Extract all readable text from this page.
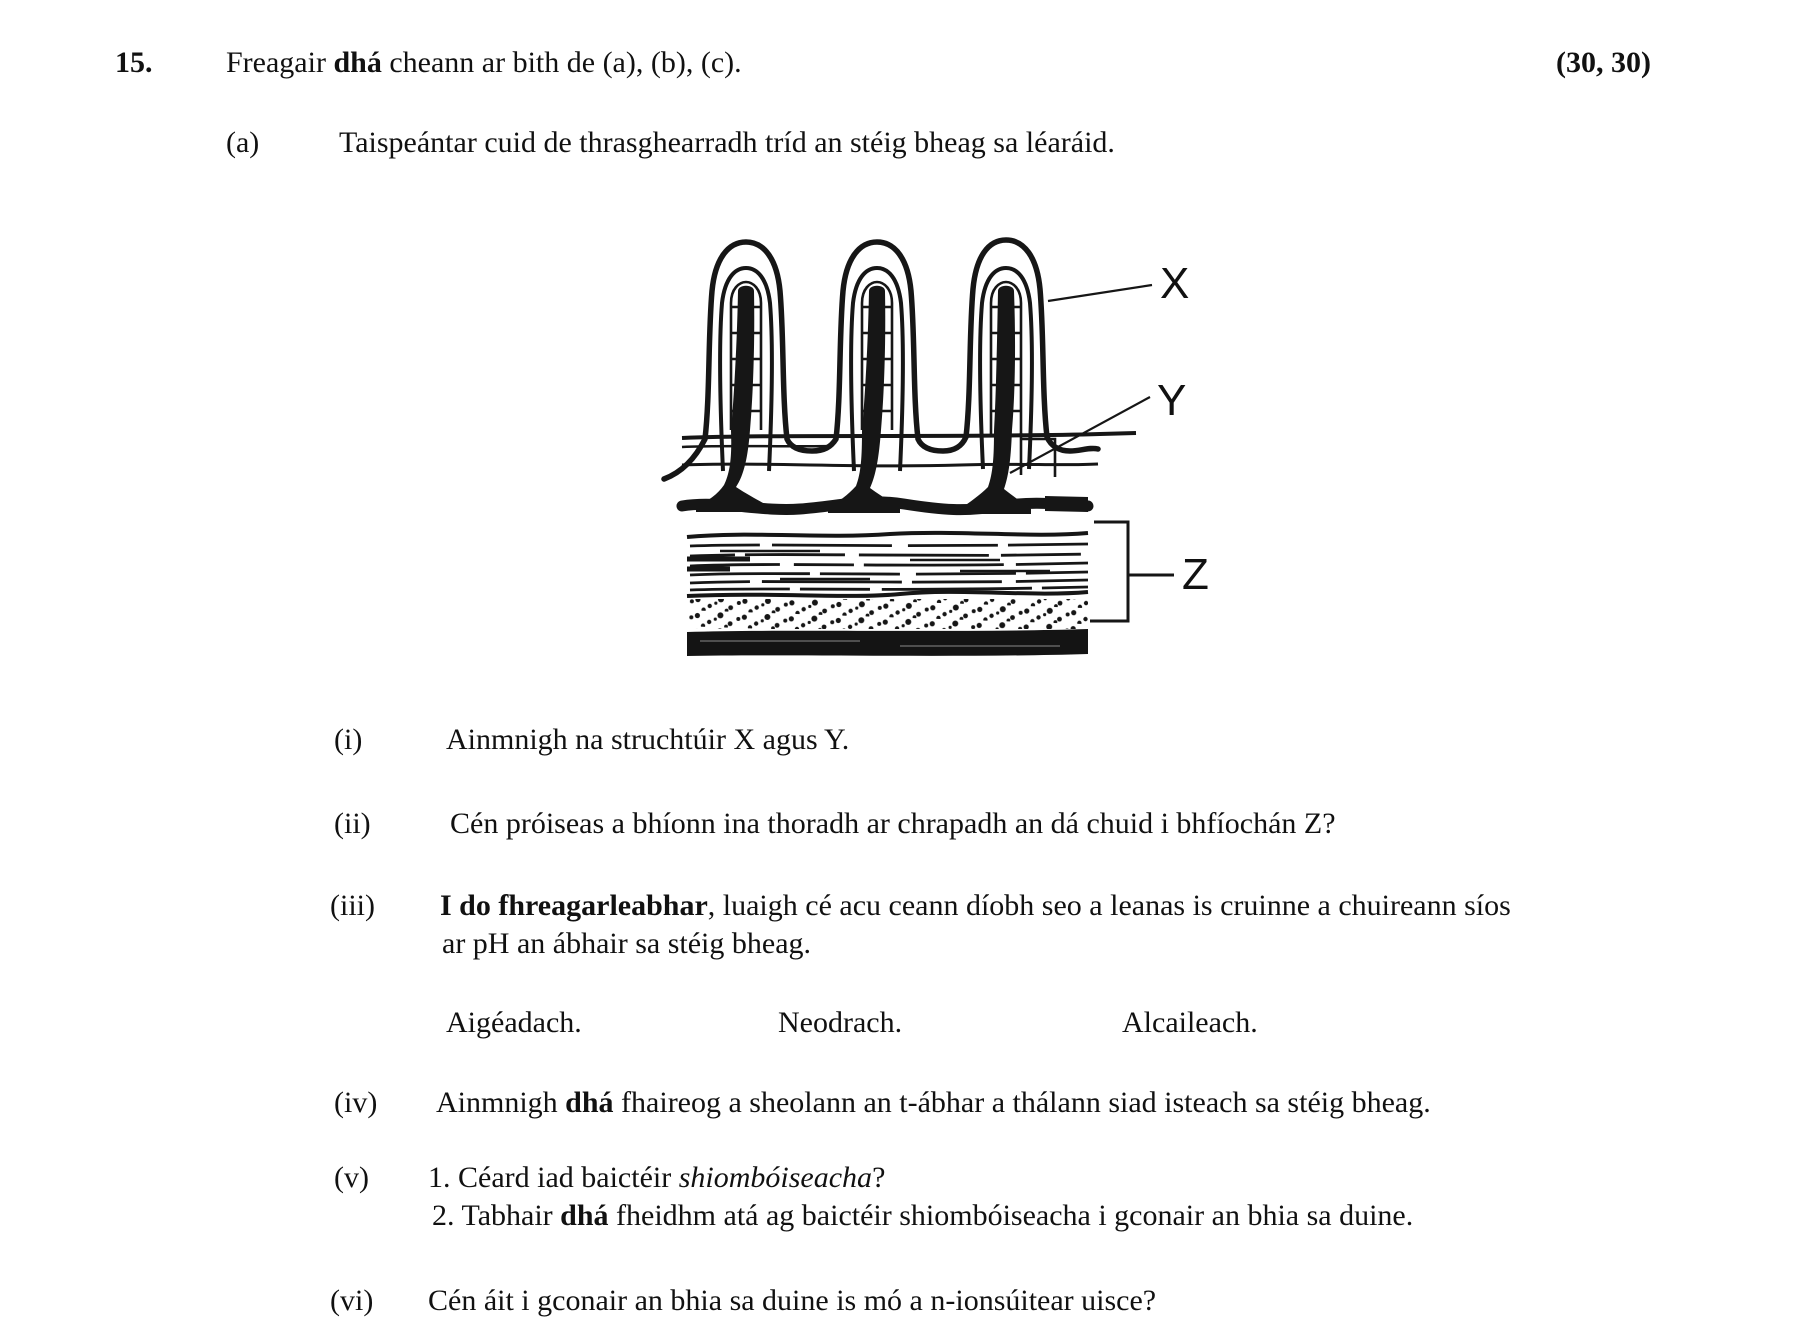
15. Freagair dhá cheann ar bith de (a), (b), (c).	(30, 30)
(a)	Taispeántar cuid de thrasghearradh tríd an stéig bheag sa léaráid.
X
Y
Z
(i)	Ainmnigh na struchtúir X agus Y.
(ii)	Cén próiseas a bhíonn ina thoradh ar chrapadh an dá chuid i bhfíochán Z?
(iii) I do fhreagarleabhar, luaigh cé acu ceann díobh seo a leanas is cruinne a chuireann síos
ar pH an ábhair sa stéig bheag.
Aigéadach.	Neodrach.	Alcaileach.
(iv) Ainmnigh dhá fhaireog a sheolann an t-ábhar a thálann siad isteach sa stéig bheag.
(v) 1. Céard iad baictéir shiombóiseacha?
2. Tabhair dhá fheidhm atá ag baictéir shiombóiseacha i gconair an bhia sa duine.
(vi) Cén áit i gconair an bhia sa duine is mó a n-ionsúitear uisce?
